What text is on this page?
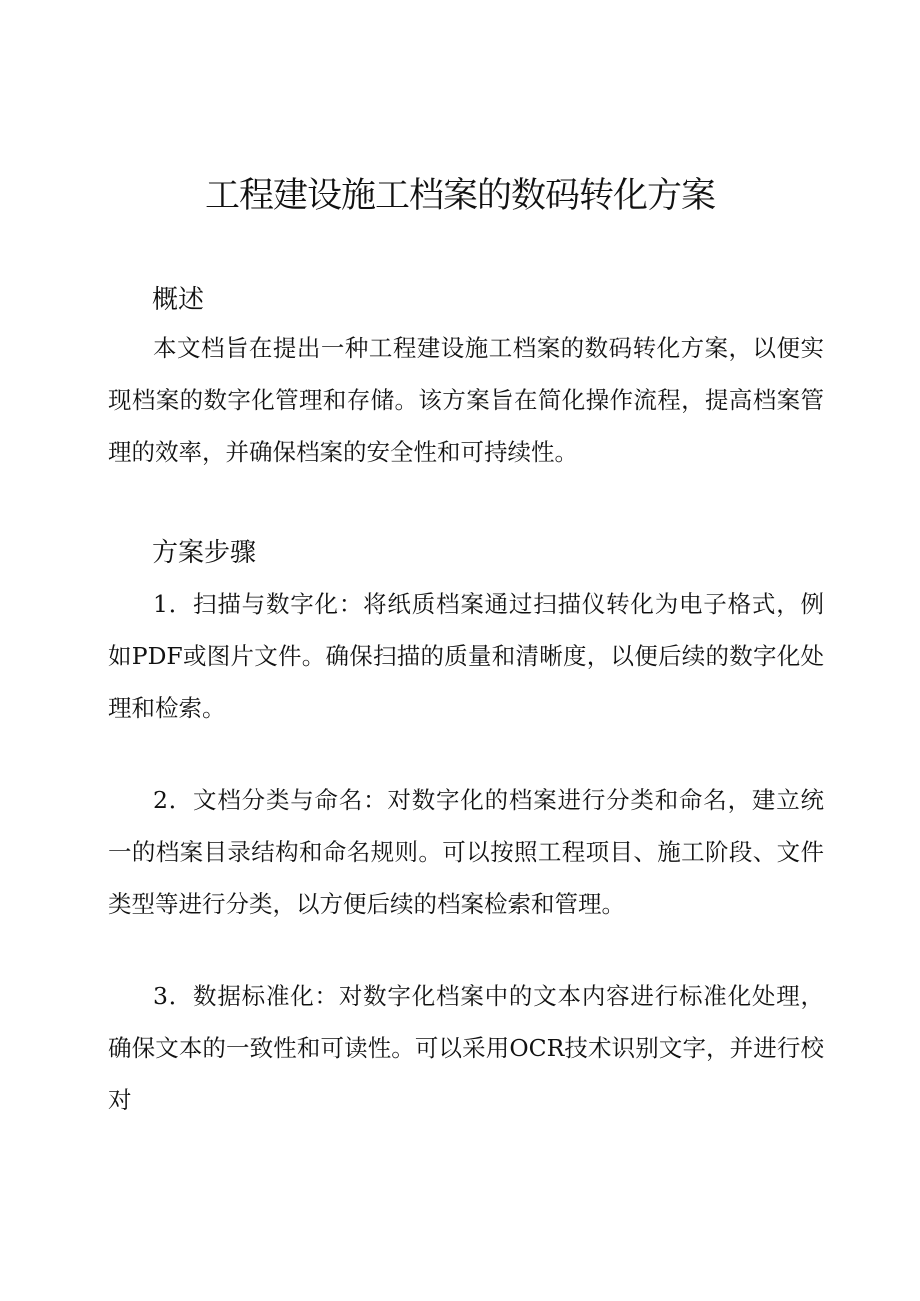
工程建设施工档案的数码转化方案
概述

本文档旨在提出一种工程建设施工档案的数码转化方案，以便实现档案的数字化管理和存储。该方案旨在简化操作流程，提高档案管理的效率，并确保档案的安全性和可持续性。

方案步骤

1．扫描与数字化：将纸质档案通过扫描仪转化为电子格式，例如PDF或图片文件。确保扫描的质量和清晰度，以便后续的数字化处理和检索。

2．文档分类与命名：对数字化的档案进行分类和命名，建立统一的档案目录结构和命名规则。可以按照工程项目、施工阶段、文件类型等进行分类，以方便后续的档案检索和管理。

3．数据标准化：对数字化档案中的文本内容进行标准化处理，确保文本的一致性和可读性。可以采用OCR技术识别文字，并进行校对
